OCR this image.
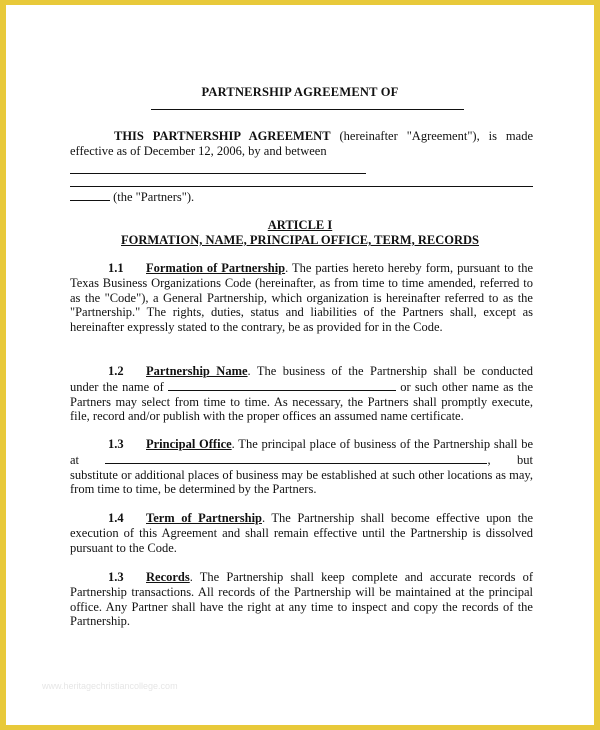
PARTNERSHIP AGREEMENT OF

THIS PARTNERSHIP AGREEMENT (hereinafter "Agreement"), is made effective as of December 12, 2006, by and between

(the "Partners").
ARTICLE I
FORMATION, NAME, PRINCIPAL OFFICE, TERM, RECORDS
1.1 Formation of Partnership. The parties hereto hereby form, pursuant to the Texas Business Organizations Code (hereinafter, as from time to time amended, referred to as the "Code"), a General Partnership, which organization is hereinafter referred to as the "Partnership." The rights, duties, status and liabilities of the Partners shall, except as hereinafter expressly stated to the contrary, be as provided for in the Code.
1.2 Partnership Name. The business of the Partnership shall be conducted under the name of	or such other name as the Partners may select from time to time. As necessary, the Partners shall promptly execute, file, record and/or publish with the proper offices an assumed name certificate.
1.3 Principal Office. The principal place of business of the Partnership shall be at	, but substitute or additional places of business may be established at such other locations as may, from time to time, be determined by the Partners.
1.4 Term of Partnership. The Partnership shall become effective upon the execution of this Agreement and shall remain effective until the Partnership is dissolved pursuant to the Code.
1.3 Records. The Partnership shall keep complete and accurate records of Partnership transactions. All records of the Partnership will be maintained at the principal office. Any Partner shall have the right at any time to inspect and copy the records of the Partnership.
www.heritagechristiancollege.com
